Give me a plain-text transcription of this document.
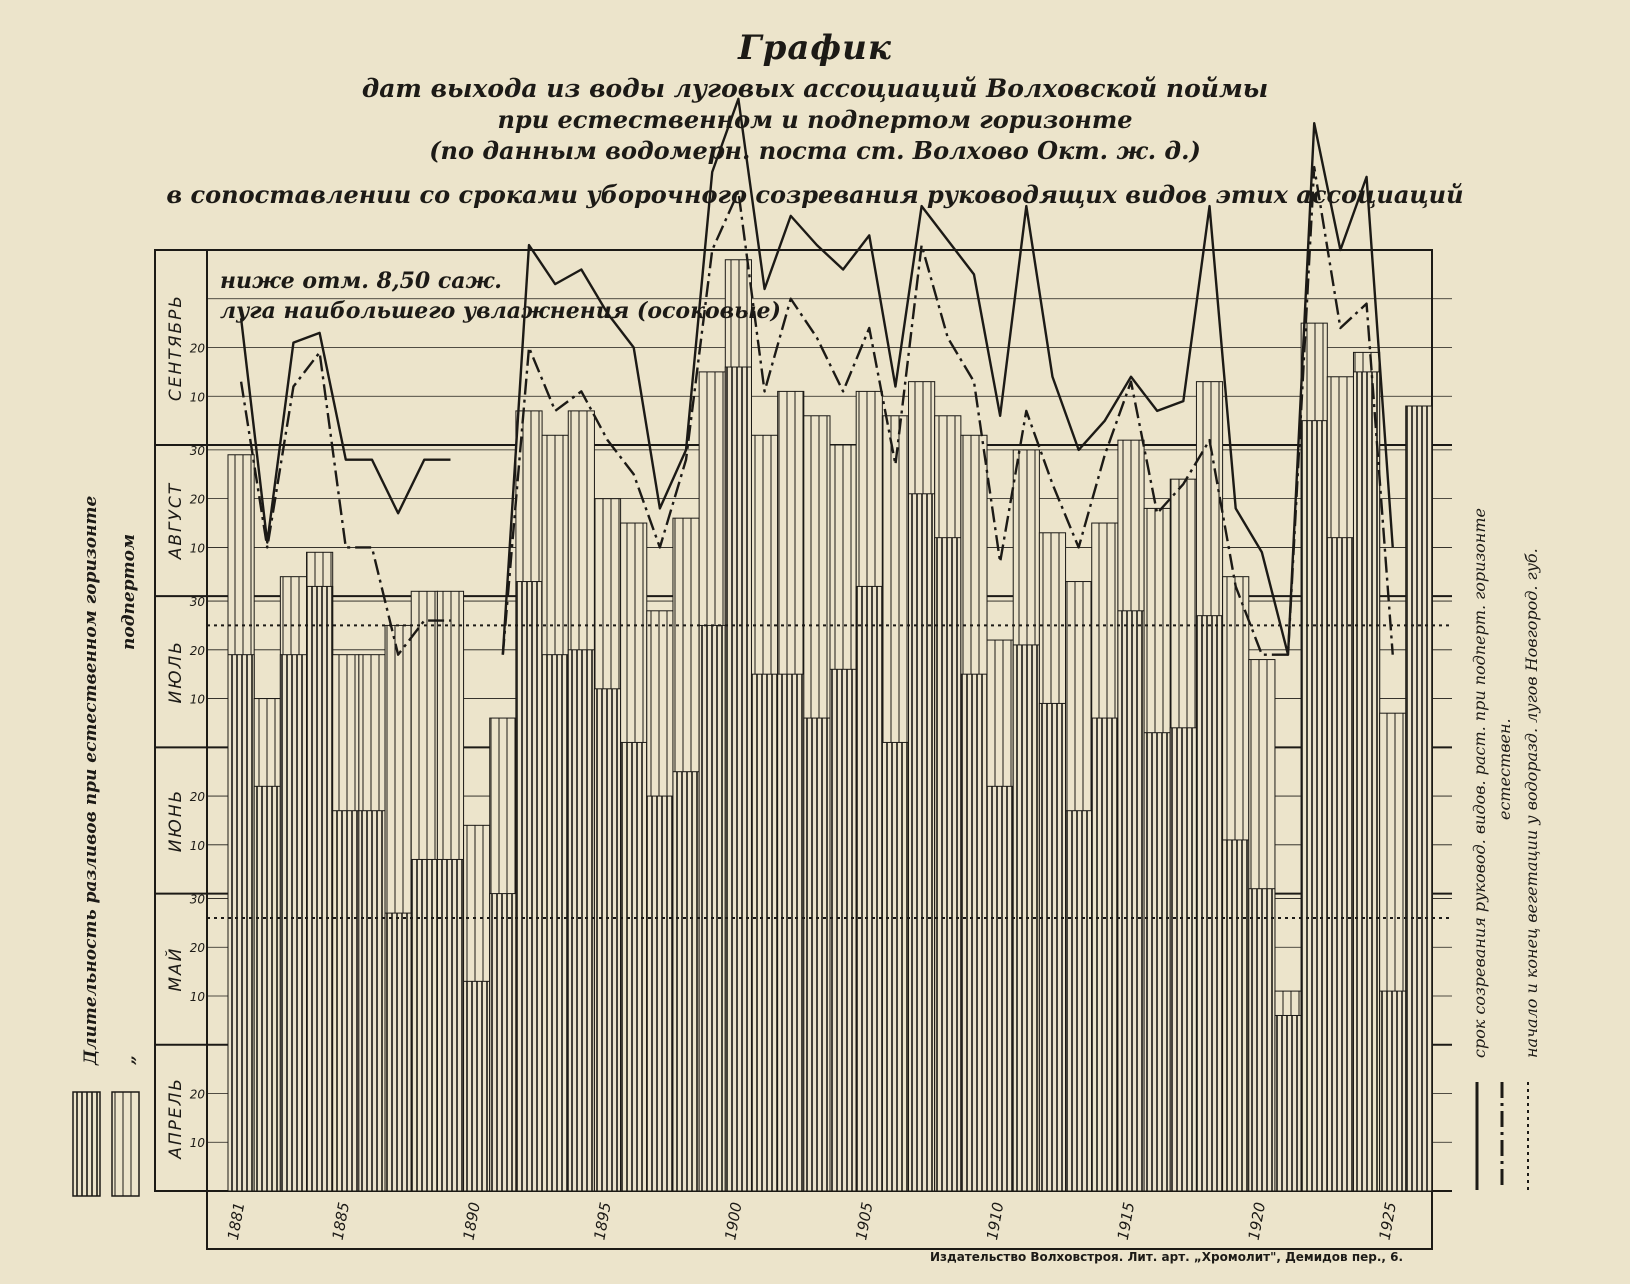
График
дат выхода из воды луговых ассоциаций Волховской поймы
при естественном и подпертом горизонте
(по данным водомерн. поста ст. Волхово Окт. ж. д.)
в сопоставлении со сроками уборочного созревания руководящих видов этих ассоциаций
АПРЕЛЬ 10
20
МАЙ
10
20
30
ИЮНЬ 10
20
ИЮЛЬ 10
20
30
АВГУСТ 10
20
30
СЕНТЯБРЬ 10
20
ниже отм. 8,50 саж.
луга наибольшего увлажнения (осоковые)
1881	1885	1890	1895	1900	1905	1910	1915	1920	1925
Длительность разливов при естественном горизонте „
подпертом	срок созревания руковод. видов. раст. при подперт. горизонте естествен. начало и конец вегетации у водоразд. лугов Новгород. губ.
Издательство Волховстроя. Лит. арт. „Хромолит", Демидов пер., 6.
